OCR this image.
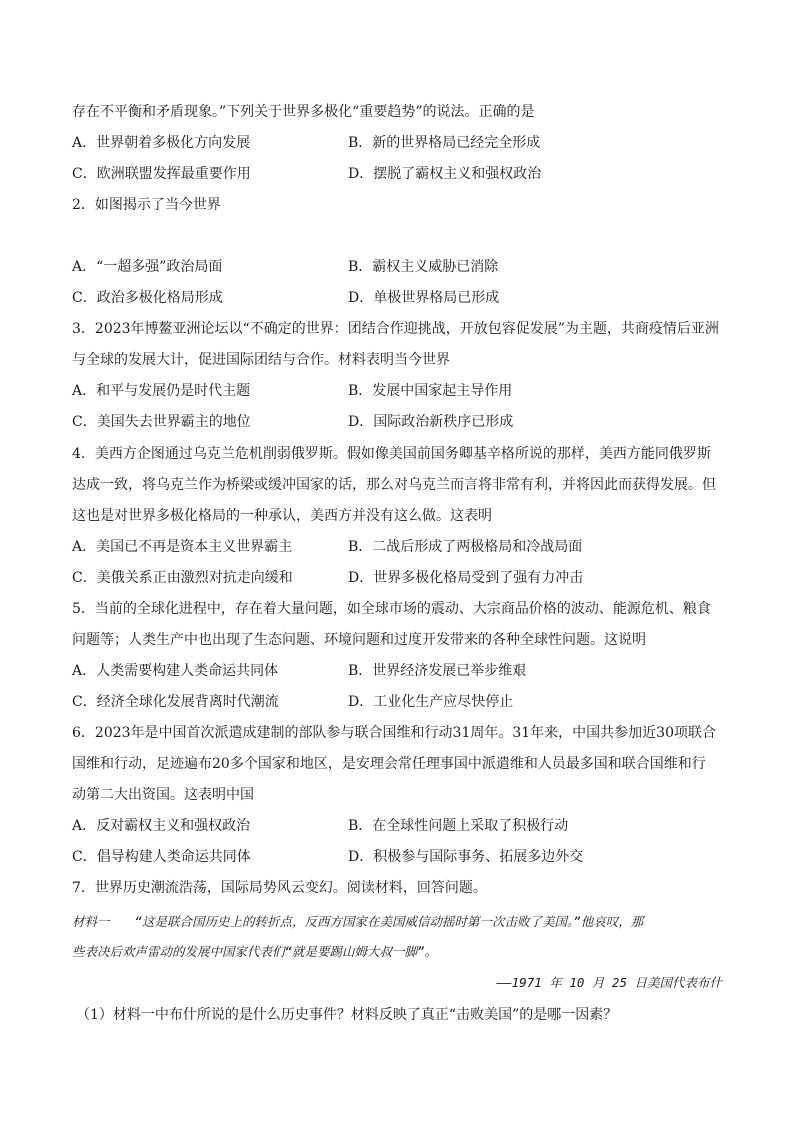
存在不平衡和矛盾现象。”下列关于世界多极化“重要趋势”的说法。正确的是
A．世界朝着多极化方向发展	B．新的世界格局已经完全形成
C．欧洲联盟发挥最重要作用	D．摆脱了霸权主义和强权政治
2．如图揭示了当今世界
A．“一超多强”政治局面	B．霸权主义威胁已消除
C．政治多极化格局形成	D．单极世界格局已形成
3．2023年博鳌亚洲论坛以“不确定的世界：团结合作迎挑战，开放包容促发展”为主题，共商疫情后亚洲
与全球的发展大计，促进国际团结与合作。材料表明当今世界
A．和平与发展仍是时代主题	B．发展中国家起主导作用
C．美国失去世界霸主的地位	D．国际政治新秩序已形成
4．美西方企图通过乌克兰危机削弱俄罗斯。假如像美国前国务卿基辛格所说的那样，美西方能同俄罗斯
达成一致，将乌克兰作为桥梁或缓冲国家的话，那么对乌克兰而言将非常有利，并将因此而获得发展。但
这也是对世界多极化格局的一种承认，美西方并没有这么做。这表明
A．美国已不再是资本主义世界霸主	B．二战后形成了两极格局和冷战局面
C．美俄关系正由激烈对抗走向缓和	D．世界多极化格局受到了强有力冲击
5．当前的全球化进程中，存在着大量问题，如全球市场的震动、大宗商品价格的波动、能源危机、粮食
问题等；人类生产中也出现了生态问题、环境问题和过度开发带来的各种全球性问题。这说明
A．人类需要构建人类命运共同体	B．世界经济发展已举步维艰
C．经济全球化发展背离时代潮流	D．工业化生产应尽快停止
6．2023年是中国首次派遣成建制的部队参与联合国维和行动31周年。31年来，中国共参加近30项联合
国维和行动，足迹遍布20多个国家和地区，是安理会常任理事国中派遣维和人员最多国和联合国维和行
动第二大出资国。这表明中国
A．反对霸权主义和强权政治	B．在全球性问题上采取了积极行动
C．倡导构建人类命运共同体	D．积极参与国际事务、拓展多边外交
7．世界历史潮流浩荡，国际局势风云变幻。阅读材料，回答问题。
材料一　　“这是联合国历史上的转折点，反西方国家在美国威信动摇时第一次击败了美国。”他哀叹，那
些表决后欢声雷动的发展中国家代表们“就是要踢山姆大叔一脚”。
——1971 年 10 月 25 日美国代表布什
（1）材料一中布什所说的是什么历史事件？材料反映了真正“击败美国”的是哪一因素？
